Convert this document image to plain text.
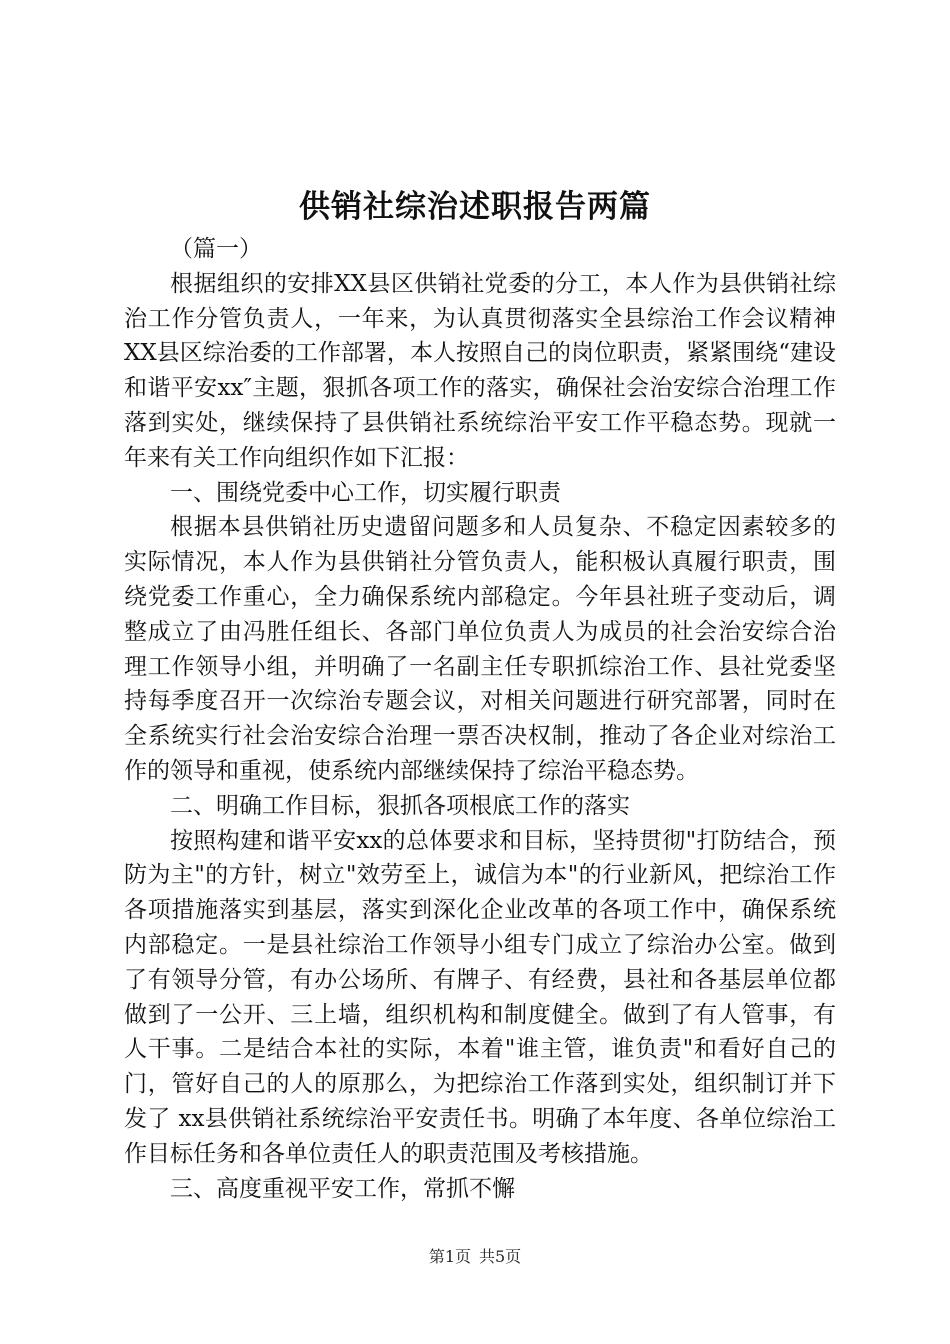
供销社综治述职报告两篇

（篇一）

根据组织的安排XX县区供销社党委的分工，本人作为县供销社综治工作分管负责人，一年来，为认真贯彻落实全县综治工作会议精神XX县区综治委的工作部署，本人按照自己的岗位职责，紧紧围绕“建设和谐平安xx″主题，狠抓各项工作的落实，确保社会治安综合治理工作落到实处，继续保持了县供销社系统综治平安工作平稳态势。现就一年来有关工作向组织作如下汇报：

一、围绕党委中心工作，切实履行职责

根据本县供销社历史遗留问题多和人员复杂、不稳定因素较多的实际情况，本人作为县供销社分管负责人，能积极认真履行职责，围绕党委工作重心，全力确保系统内部稳定。今年县社班子变动后，调整成立了由冯胜任组长、各部门单位负责人为成员的社会治安综合治理工作领导小组，并明确了一名副主任专职抓综治工作、县社党委坚持每季度召开一次综治专题会议，对相关问题进行研究部署，同时在全系统实行社会治安综合治理一票否决权制，推动了各企业对综治工作的领导和重视，使系统内部继续保持了综治平稳态势。

二、明确工作目标，狠抓各项根底工作的落实

按照构建和谐平安xx的总体要求和目标，坚持贯彻"打防结合，预防为主"的方针，树立"效劳至上，诚信为本"的行业新风，把综治工作各项措施落实到基层，落实到深化企业改革的各项工作中，确保系统内部稳定。一是县社综治工作领导小组专门成立了综治办公室。做到了有领导分管，有办公场所、有牌子、有经费，县社和各基层单位都做到了一公开、三上墙，组织机构和制度健全。做到了有人管事，有人干事。二是结合本社的实际，本着"谁主管，谁负责"和看好自己的门，管好自己的人的原那么，为把综治工作落到实处，组织制订并下发了 xx县供销社系统综治平安责任书。明确了本年度、各单位综治工作目标任务和各单位责任人的职责范围及考核措施。

三、高度重视平安工作，常抓不懈

第1页 共5页
